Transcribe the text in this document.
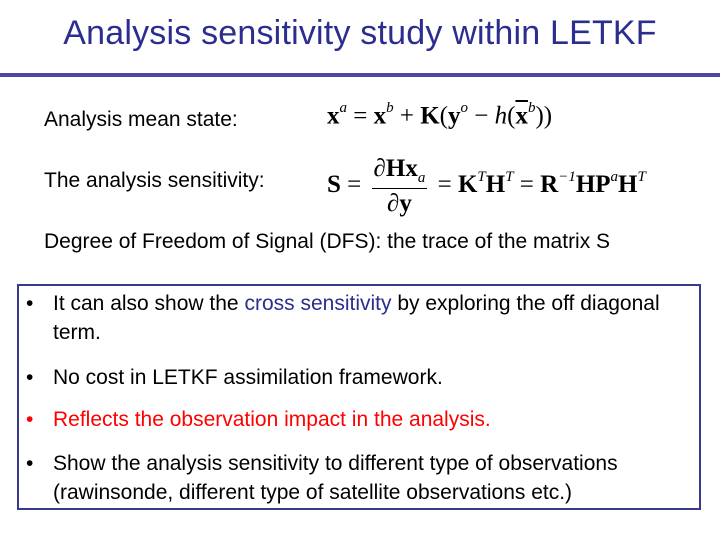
Analysis sensitivity study within LETKF
Analysis mean state:	$x^a = x^b + K(y^o - h(\overline{x}^b))$
The analysis sensitivity: $S = \frac{\partial Hx_a}{\partial y} = K^TH^T = R^{-1}HP^aH^T$
Degree of Freedom of Signal (DFS): the trace of the matrix S
• It can also show the cross sensitivity by exploring the off diagonal term.
• No cost in LETKF assimilation framework.
• Reflects the observation impact in the analysis.
• Show the analysis sensitivity to different type of observations (rawinsonde, different type of satellite observations etc.)
